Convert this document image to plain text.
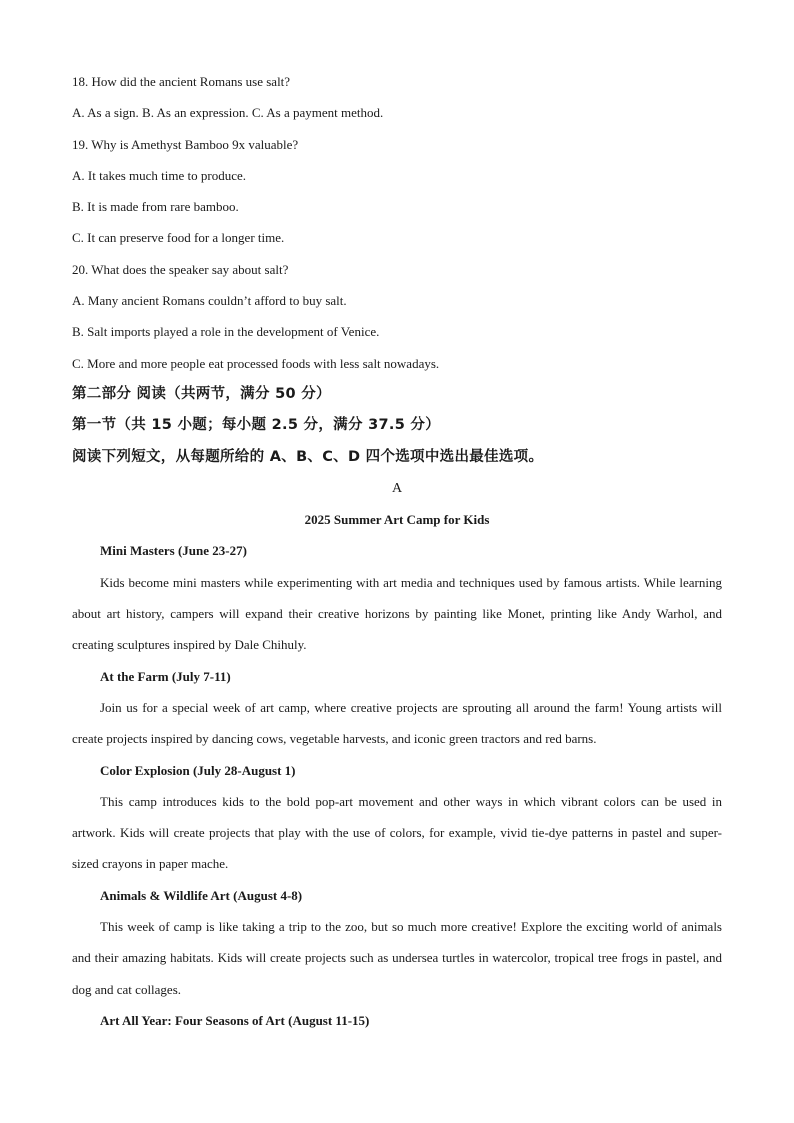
18. How did the ancient Romans use salt?
A. As a sign. B. As an expression. C. As a payment method.
19. Why is Amethyst Bamboo 9x valuable?
A. It takes much time to produce.
B. It is made from rare bamboo.
C. It can preserve food for a longer time.
20. What does the speaker say about salt?
A. Many ancient Romans couldn’t afford to buy salt.
B. Salt imports played a role in the development of Venice.
C. More and more people eat processed foods with less salt nowadays.
第二部分 阅读（共两节，满分 50 分）
第一节（共 15 小题；每小题 2.5 分，满分 37.5 分）
阅读下列短文，从每题所给的 A、B、C、D 四个选项中选出最佳选项。
A
2025 Summer Art Camp for Kids
Mini Masters (June 23-27)
Kids become mini masters while experimenting with art media and techniques used by famous artists. While learning about art history, campers will expand their creative horizons by painting like Monet, printing like Andy Warhol, and creating sculptures inspired by Dale Chihuly.
At the Farm (July 7-11)
Join us for a special week of art camp, where creative projects are sprouting all around the farm! Young artists will create projects inspired by dancing cows, vegetable harvests, and iconic green tractors and red barns.
Color Explosion (July 28-August 1)
This camp introduces kids to the bold pop-art movement and other ways in which vibrant colors can be used in artwork. Kids will create projects that play with the use of colors, for example, vivid tie-dye patterns in pastel and super-sized crayons in paper mache.
Animals & Wildlife Art (August 4-8)
This week of camp is like taking a trip to the zoo, but so much more creative! Explore the exciting world of animals and their amazing habitats. Kids will create projects such as undersea turtles in watercolor, tropical tree frogs in pastel, and dog and cat collages.
Art All Year: Four Seasons of Art (August 11-15)
